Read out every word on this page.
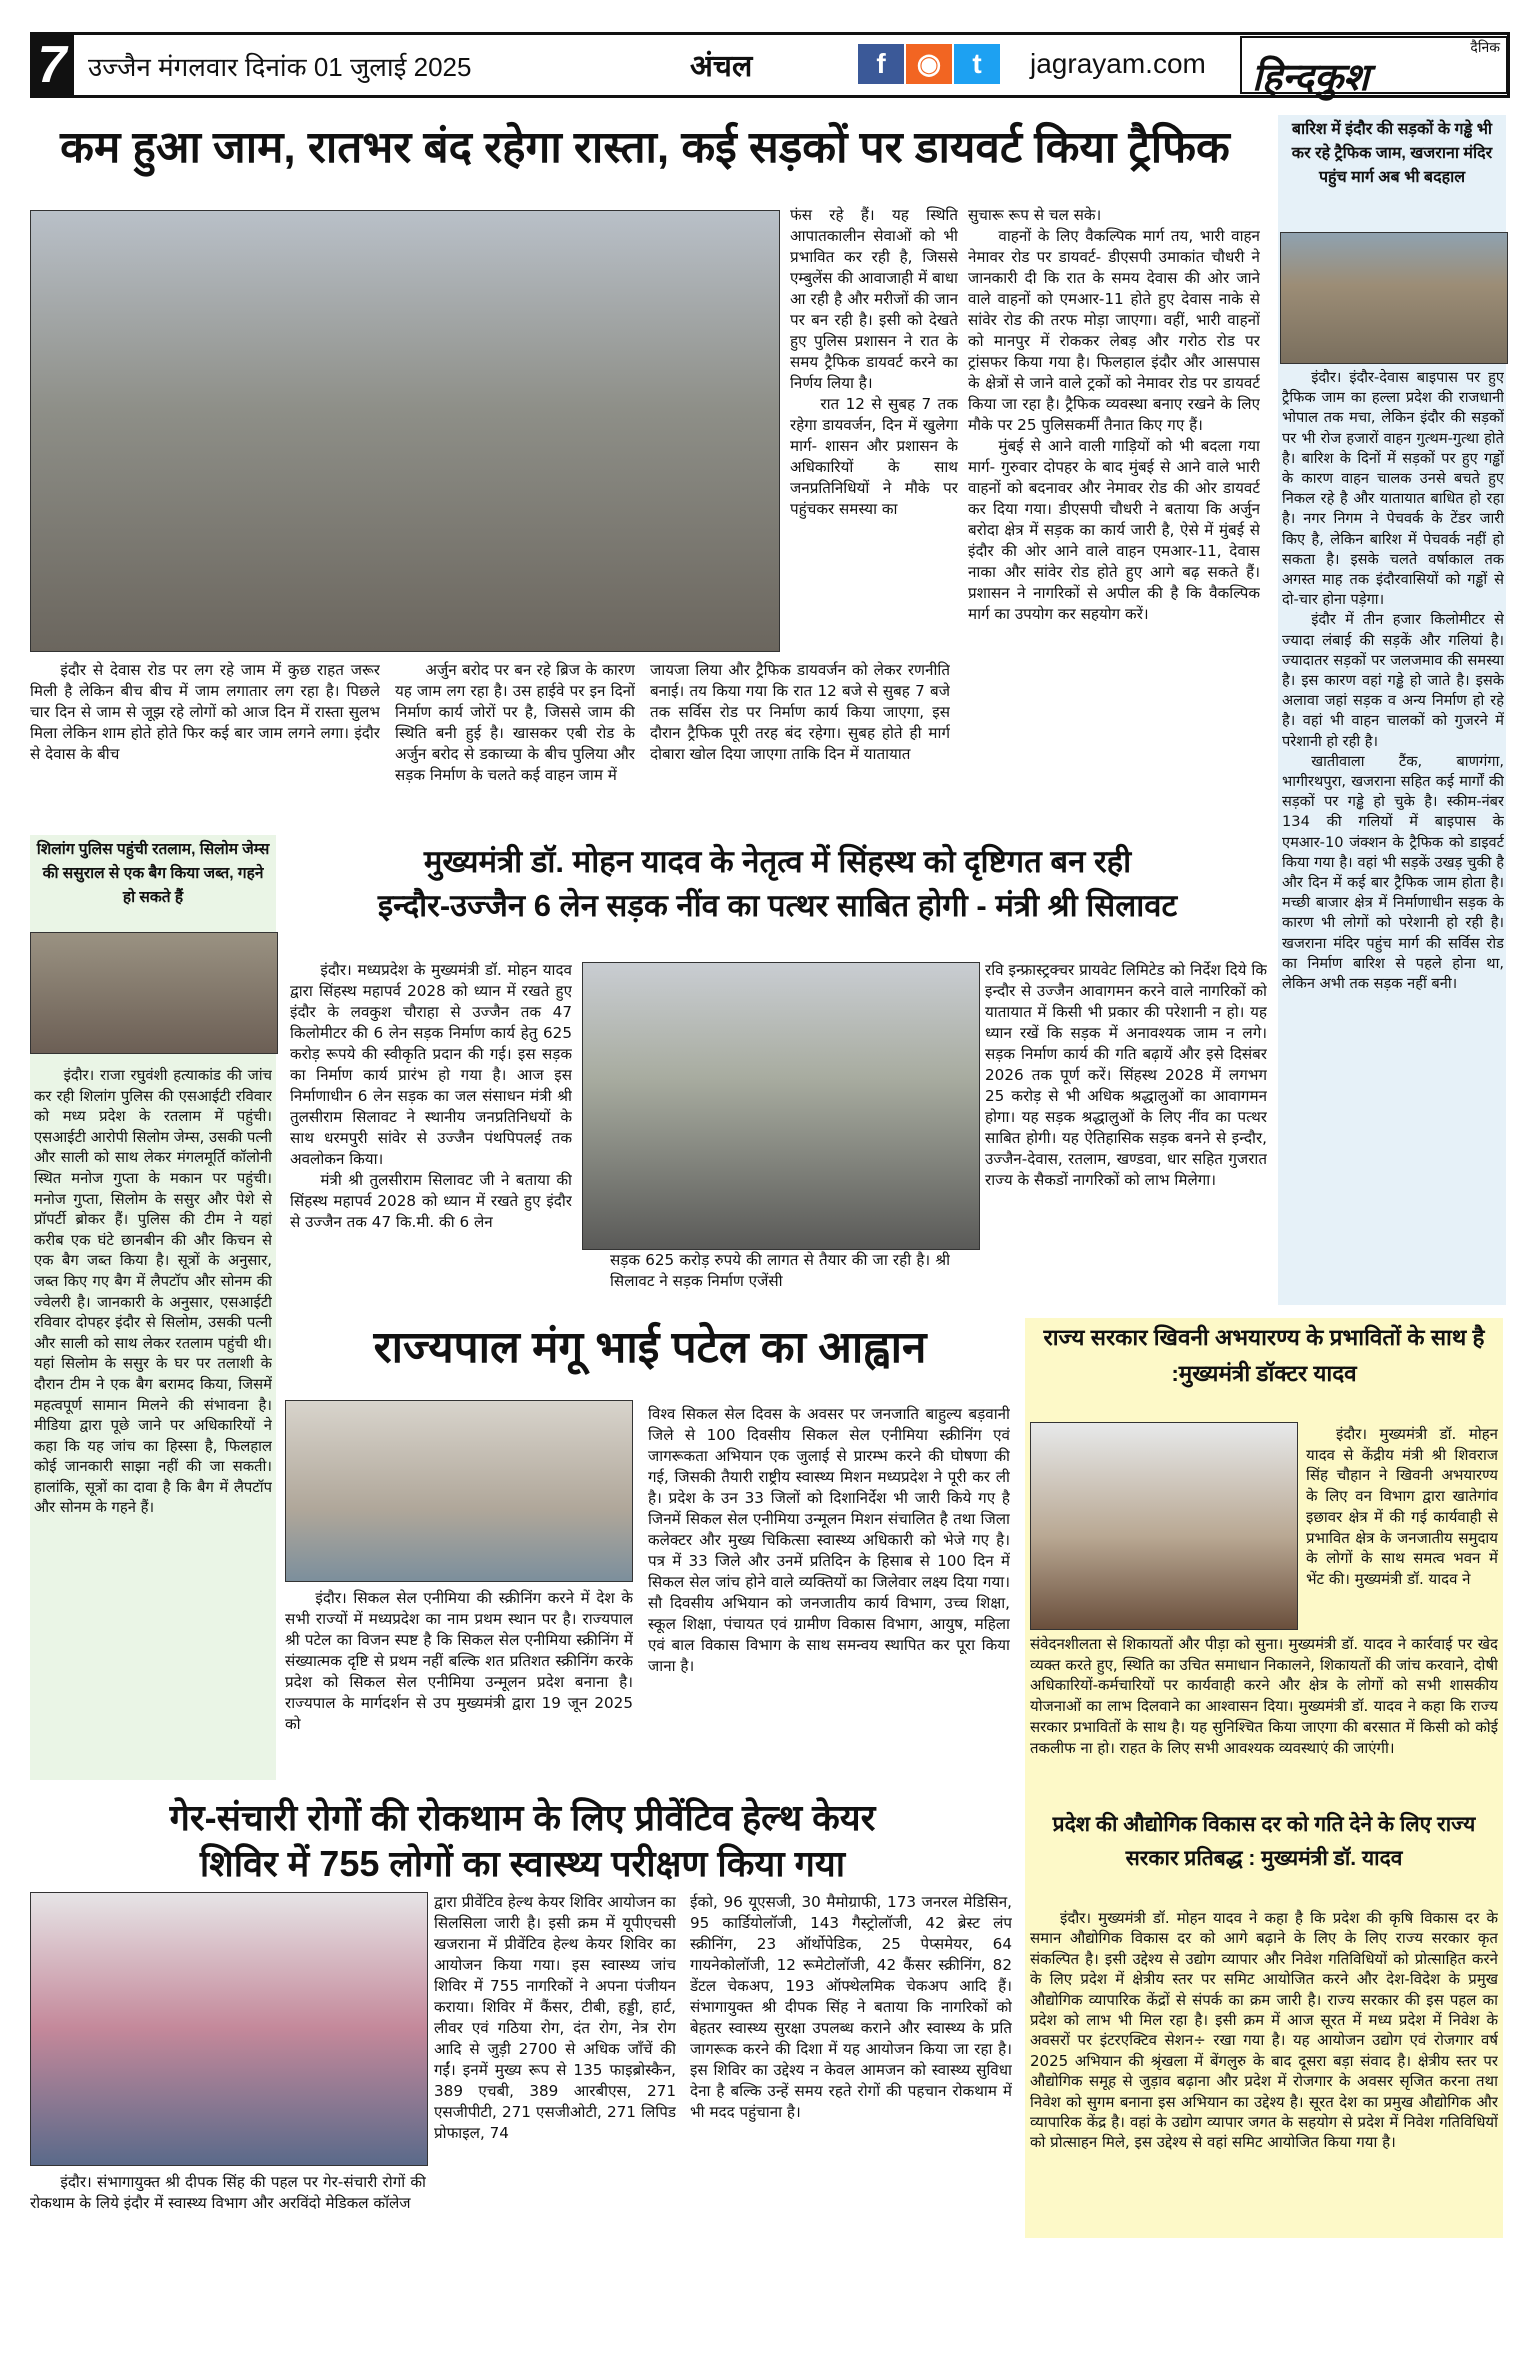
7 उज्जैन मंगलवार दिनांक 01 जुलाई 2025	अंचल	f	◉	t	jagrayam.com	दैनिक
हिन्दकुश
कम हुआ जाम, रातभर बंद रहेगा रास्ता, कई सड़कों पर डायवर्ट किया ट्रैफिक

इंदौर से देवास रोड पर लग रहे जाम में कुछ राहत जरूर मिली है लेकिन बीच बीच में जाम लगातार लग रहा है। पिछले चार दिन से जाम से जूझ रहे लोगों को आज दिन में रास्ता सुलभ मिला लेकिन शाम होते होते फिर कई बार जाम लगने लगा। इंदौर से देवास के बीच

अर्जुन बरोद पर बन रहे ब्रिज के कारण यह जाम लग रहा है। उस हाईवे पर इन दिनों निर्माण कार्य जोरों पर है, जिससे जाम की स्थिति बनी हुई है। खासकर एबी रोड के अर्जुन बरोद से डकाच्या के बीच पुलिया और सड़क निर्माण के चलते कई वाहन जाम में

जायजा लिया और ट्रैफिक डायवर्जन को लेकर रणनीति बनाई। तय किया गया कि रात 12 बजे से सुबह 7 बजे तक सर्विस रोड पर निर्माण कार्य किया जाएगा, इस दौरान ट्रैफिक पूरी तरह बंद रहेगा। सुबह होते ही मार्ग दोबारा खोल दिया जाएगा ताकि दिन में यातायात

फंस रहे हैं। यह स्थिति आपातकालीन सेवाओं को भी प्रभावित कर रही है, जिससे एम्बुलेंस की आवाजाही में बाधा आ रही है और मरीजों की जान पर बन रही है। इसी को देखते हुए पुलिस प्रशासन ने रात के समय ट्रैफिक डायवर्ट करने का निर्णय लिया है।

रात 12 से सुबह 7 तक रहेगा डायवर्जन, दिन में खुलेगा मार्ग- शासन और प्रशासन के अधिकारियों के साथ जनप्रतिनिधियों ने मौके पर पहुंचकर समस्या का

सुचारू रूप से चल सके।

वाहनों के लिए वैकल्पिक मार्ग तय, भारी वाहन नेमावर रोड पर डायवर्ट- डीएसपी उमाकांत चौधरी ने जानकारी दी कि रात के समय देवास की ओर जाने वाले वाहनों को एमआर-11 होते हुए देवास नाके से सांवेर रोड की तरफ मोड़ा जाएगा। वहीं, भारी वाहनों को मानपुर में रोककर लेबड़ और गरोठ रोड पर ट्रांसफर किया गया है। फिलहाल इंदौर और आसपास के क्षेत्रों से जाने वाले ट्रकों को नेमावर रोड पर डायवर्ट किया जा रहा है। ट्रैफिक व्यवस्था बनाए रखने के लिए मौके पर 25 पुलिसकर्मी तैनात किए गए हैं।

मुंबई से आने वाली गाड़ियों को भी बदला गया मार्ग- गुरुवार दोपहर के बाद मुंबई से आने वाले भारी वाहनों को बदनावर और नेमावर रोड की ओर डायवर्ट कर दिया गया। डीएसपी चौधरी ने बताया कि अर्जुन बरोदा क्षेत्र में सड़क का कार्य जारी है, ऐसे में मुंबई से इंदौर की ओर आने वाले वाहन एमआर-11, देवास नाका और सांवेर रोड होते हुए आगे बढ़ सकते हैं। प्रशासन ने नागरिकों से अपील की है कि वैकल्पिक मार्ग का उपयोग कर सहयोग करें।

बारिश में इंदौर की सड़कों के गड्ढे भी कर रहे ट्रैफिक जाम, खजराना मंदिर पहुंच मार्ग अब भी बदहाल

इंदौर। इंदौर-देवास बाइपास पर हुए ट्रैफिक जाम का हल्ला प्रदेश की राजधानी भोपाल तक मचा, लेकिन इंदौर की सड़कों पर भी रोज हजारों वाहन गुत्थम-गुत्था होते है। बारिश के दिनों में सड़कों पर हुए गड्ढों के कारण वाहन चालक उनसे बचते हुए निकल रहे है और यातायात बाधित हो रहा है। नगर निगम ने पेचवर्क के टेंडर जारी किए है, लेकिन बारिश में पेचवर्क नहीं हो सकता है। इसके चलते वर्षाकाल तक अगस्त माह तक इंदौरवासियों को गड्ढों से दो-चार होना पड़ेगा।

इंदौर में तीन हजार किलोमीटर से ज्यादा लंबाई की सड़कें और गलियां है। ज्यादातर सड़कों पर जलजमाव की समस्या है। इस कारण वहां गड्ढे हो जाते है। इसके अलावा जहां सड़क व अन्य निर्माण हो रहे है। वहां भी वाहन चालकों को गुजरने में परेशानी हो रही है।

खातीवाला टैंक, बाणगंगा, भागीरथपुरा, खजराना सहित कई मार्गों की सड़कों पर गड्ढे हो चुके है। स्कीम-नंबर 134 की गलियों में बाइपास के एमआर-10 जंक्शन के ट्रैफिक को डाइवर्ट किया गया है। वहां भी सड़कें उखड़ चुकी है और दिन में कई बार ट्रैफिक जाम होता है। मच्छी बाजार क्षेत्र में निर्माणाधीन सड़क के कारण भी लोगों को परेशानी हो रही है। खजराना मंदिर पहुंच मार्ग की सर्विस रोड का निर्माण बारिश से पहले होना था, लेकिन अभी तक सड़क नहीं बनी।

मुख्यमंत्री डॉ. मोहन यादव के नेतृत्व में सिंहस्थ को दृष्टिगत बन रही
इन्दौर-उज्जैन 6 लेन सड़क नींव का पत्थर साबित होगी - मंत्री श्री सिलावट

इंदौर। मध्यप्रदेश के मुख्यमंत्री डॉ. मोहन यादव द्वारा सिंहस्थ महापर्व 2028 को ध्यान में रखते हुए इंदौर के लवकुश चौराहा से उज्जैन तक 47 किलोमीटर की 6 लेन सड़क निर्माण कार्य हेतु 625 करोड़ रूपये की स्वीकृति प्रदान की गई। इस सड़क का निर्माण कार्य प्रारंभ हो गया है। आज इस निर्माणाधीन 6 लेन सड़क का जल संसाधन मंत्री श्री तुलसीराम सिलावट ने स्थानीय जनप्रतिनिधयों के साथ धरमपुरी सांवेर से उज्जैन पंथपिपलई तक अवलोकन किया।

मंत्री श्री तुलसीराम सिलावट जी ने बताया की सिंहस्थ महापर्व 2028 को ध्यान में रखते हुए इंदौर से उज्जैन तक 47 कि.मी. की 6 लेन

सड़क 625 करोड़ रुपये की लागत से तैयार की जा रही है। श्री सिलावट ने सड़क निर्माण एजेंसी

रवि इन्फ्रास्ट्रक्चर प्रायवेट लिमिटेड को निर्देश दिये कि इन्दौर से उज्जैन आवागमन करने वाले नागरिकों को यातायात में किसी भी प्रकार की परेशानी न हो। यह ध्यान रखें कि सड़क में अनावश्यक जाम न लगे। सड़क निर्माण कार्य की गति बढ़ायें और इसे दिसंबर 2026 तक पूर्ण करें। सिंहस्थ 2028 में लगभग 25 करोड़ से भी अधिक श्रद्धालुओं का आवागमन होगा। यह सड़क श्रद्धालुओं के लिए नींव का पत्थर साबित होगी। यह ऐतिहासिक सड़क बनने से इन्दौर, उज्जैन-देवास, रतलाम, खण्डवा, धार सहित गुजरात राज्य के सैकडों नागरिकों को लाभ मिलेगा।

शिलांग पुलिस पहुंची रतलाम, सिलोम जेम्स की ससुराल से एक बैग किया जब्त, गहने हो सकते हैं

इंदौर। राजा रघुवंशी हत्याकांड की जांच कर रही शिलांग पुलिस की एसआईटी रविवार को मध्य प्रदेश के रतलाम में पहुंची। एसआईटी आरोपी सिलोम जेम्स, उसकी पत्नी और साली को साथ लेकर मंगलमूर्ति कॉलोनी स्थित मनोज गुप्ता के मकान पर पहुंची। मनोज गुप्ता, सिलोम के ससुर और पेशे से प्रॉपर्टी ब्रोकर हैं। पुलिस की टीम ने यहां करीब एक घंटे छानबीन की और किचन से एक बैग जब्त किया है। सूत्रों के अनुसार, जब्त किए गए बैग में लैपटॉप और सोनम की ज्वेलरी है। जानकारी के अनुसार, एसआईटी रविवार दोपहर इंदौर से सिलोम, उसकी पत्नी और साली को साथ लेकर रतलाम पहुंची थी। यहां सिलोम के ससुर के घर पर तलाशी के दौरान टीम ने एक बैग बरामद किया, जिसमें महत्वपूर्ण सामान मिलने की संभावना है। मीडिया द्वारा पूछे जाने पर अधिकारियों ने कहा कि यह जांच का हिस्सा है, फिलहाल कोई जानकारी साझा नहीं की जा सकती। हालांकि, सूत्रों का दावा है कि बैग में लैपटॉप और सोनम के गहने हैं।

राज्यपाल मंगू भाई पटेल का आह्वान

इंदौर। सिकल सेल एनीमिया की स्क्रीनिंग करने में देश के सभी राज्यों में मध्यप्रदेश का नाम प्रथम स्थान पर है। राज्यपाल श्री पटेल का विजन स्पष्ट है कि सिकल सेल एनीमिया स्क्रीनिंग में संख्यात्मक दृष्टि से प्रथम नहीं बल्कि शत प्रतिशत स्क्रीनिंग करके प्रदेश को सिकल सेल एनीमिया उन्मूलन प्रदेश बनाना है। राज्यपाल के मार्गदर्शन से उप मुख्यमंत्री द्वारा 19 जून 2025 को

विश्व सिकल सेल दिवस के अवसर पर जनजाति बाहुल्य बड़वानी जिले से 100 दिवसीय सिकल सेल एनीमिया स्क्रीनिंग एवं जागरूकता अभियान एक जुलाई से प्रारम्भ करने की घोषणा की गई, जिसकी तैयारी राष्ट्रीय स्वास्थ्य मिशन मध्यप्रदेश ने पूरी कर ली है। प्रदेश के उन 33 जिलों को दिशानिर्देश भी जारी किये गए है जिनमें सिकल सेल एनीमिया उन्मूलन मिशन संचालित है तथा जिला कलेक्टर और मुख्य चिकित्सा स्वास्थ्य अधिकारी को भेजे गए है। पत्र में 33 जिले और उनमें प्रतिदिन के हिसाब से 100 दिन में सिकल सेल जांच होने वाले व्यक्तियों का जिलेवार लक्ष्य दिया गया। सौ दिवसीय अभियान को जनजातीय कार्य विभाग, उच्च शिक्षा, स्कूल शिक्षा, पंचायत एवं ग्रामीण विकास विभाग, आयुष, महिला एवं बाल विकास विभाग के साथ समन्वय स्थापित कर पूरा किया जाना है।

राज्य सरकार खिवनी अभयारण्य के प्रभावितों के साथ है :मुख्यमंत्री डॉक्टर यादव

इंदौर। मुख्यमंत्री डॉ. मोहन यादव से केंद्रीय मंत्री श्री शिवराज सिंह चौहान ने खिवनी अभयारण्य के लिए वन विभाग द्वारा खातेगांव इछावर क्षेत्र में की गई कार्यवाही से प्रभावित क्षेत्र के जनजातीय समुदाय के लोगों के साथ समत्व भवन में भेंट की। मुख्यमंत्री डॉ. यादव ने

संवेदनशीलता से शिकायतों और पीड़ा को सुना। मुख्यमंत्री डॉ. यादव ने कार्रवाई पर खेद व्यक्त करते हुए, स्थिति का उचित समाधान निकालने, शिकायतों की जांच करवाने, दोषी अधिकारियों-कर्मचारियों पर कार्यवाही करने और क्षेत्र के लोगों को सभी शासकीय योजनाओं का लाभ दिलवाने का आश्वासन दिया। मुख्यमंत्री डॉ. यादव ने कहा कि राज्य सरकार प्रभावितों के साथ है। यह सुनिश्चित किया जाएगा की बरसात में किसी को कोई तकलीफ ना हो। राहत के लिए सभी आवश्यक व्यवस्थाएं की जाएंगी।

प्रदेश की औद्योगिक विकास दर को गति देने के लिए राज्य सरकार प्रतिबद्ध : मुख्यमंत्री डॉ. यादव

इंदौर। मुख्यमंत्री डॉ. मोहन यादव ने कहा है कि प्रदेश की कृषि विकास दर के समान औद्योगिक विकास दर को आगे बढ़ाने के लिए के लिए राज्य सरकार कृत संकल्पित है। इसी उद्देश्य से उद्योग व्यापार और निवेश गतिविधियों को प्रोत्साहित करने के लिए प्रदेश में क्षेत्रीय स्तर पर समिट आयोजित करने और देश-विदेश के प्रमुख औद्योगिक व्यापारिक केंद्रों से संपर्क का क्रम जारी है। राज्य सरकार की इस पहल का प्रदेश को लाभ भी मिल रहा है। इसी क्रम में आज सूरत में मध्य प्रदेश में निवेश के अवसरों पर इंटरएक्टिव सेशन÷ रखा गया है। यह आयोजन उद्योग एवं रोजगार वर्ष 2025 अभियान की श्रृंखला में बेंगलुरु के बाद दूसरा बड़ा संवाद है। क्षेत्रीय स्तर पर औद्योगिक समूह से जुड़ाव बढ़ाना और प्रदेश में रोजगार के अवसर सृजित करना तथा निवेश को सुगम बनाना इस अभियान का उद्देश्य है। सूरत देश का प्रमुख औद्योगिक और व्यापारिक केंद्र है। वहां के उद्योग व्यापार जगत के सहयोग से प्रदेश में निवेश गतिविधियों को प्रोत्साहन मिले, इस उद्देश्य से वहां समिट आयोजित किया गया है।

गेर-संचारी रोगों की रोकथाम के लिए प्रीवेंटिव हेल्थ केयर
शिविर में 755 लोगों का स्वास्थ्य परीक्षण किया गया

इंदौर। संभागायुक्त श्री दीपक सिंह की पहल पर गेर-संचारी रोगों की रोकथाम के लिये इंदौर में स्वास्थ्य विभाग और अरविंदो मेडिकल कॉलेज

द्वारा प्रीवेंटिव हेल्थ केयर शिविर आयोजन का सिलसिला जारी है। इसी क्रम में यूपीएचसी खजराना में प्रीवेंटिव हेल्थ केयर शिविर का आयोजन किया गया। इस स्वास्थ्य जांच शिविर में 755 नागरिकों ने अपना पंजीयन कराया। शिविर में कैंसर, टीबी, हड्डी, हार्ट, लीवर एवं गठिया रोग, दंत रोग, नेत्र रोग आदि से जुड़ी 2700 से अधिक जाँचें की गईं। इनमें मुख्य रूप से 135 फाइब्रोस्कैन, 389 एचबी, 389 आरबीएस, 271 एसजीपीटी, 271 एसजीओटी, 271 लिपिड प्रोफाइल, 74

ईको, 96 यूएसजी, 30 मैमोग्राफी, 173 जनरल मेडिसिन, 95 कार्डियोलॉजी, 143 गैस्ट्रोलॉजी, 42 ब्रेस्ट लंप स्क्रीनिंग, 23 ऑर्थोपेडिक, 25 पेप्समेयर, 64 गायनेकोलॉजी, 12 रूमेटोलॉजी, 42 कैंसर स्क्रीनिंग, 82 डेंटल चेकअप, 193 ऑफ्थेलमिक चेकअप आदि हैं। संभागायुक्त श्री दीपक सिंह ने बताया कि नागरिकों को बेहतर स्वास्थ्य सुरक्षा उपलब्ध कराने और स्वास्थ्य के प्रति जागरूक करने की दिशा में यह आयोजन किया जा रहा है। इस शिविर का उद्देश्य न केवल आमजन को स्वास्थ्य सुविधा देना है बल्कि उन्हें समय रहते रोगों की पहचान रोकथाम में भी मदद पहुंचाना है।
